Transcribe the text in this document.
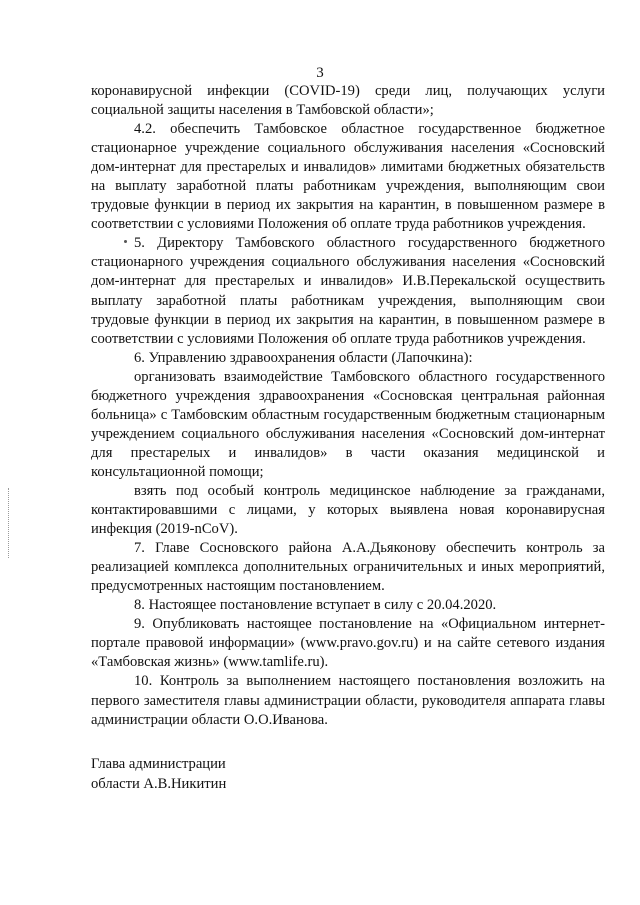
3

коронавирусной инфекции (COVID-19) среди лиц, получающих услуги социальной защиты населения в Тамбовской области»;

4.2. обеспечить Тамбовское областное государственное бюджетное стационарное учреждение социального обслуживания населения «Сосновский дом-интернат для престарелых и инвалидов» лимитами бюджетных обязательств на выплату заработной платы работникам учреждения, выполняющим свои трудовые функции в период их закрытия на карантин, в повышенном размере в соответствии с условиями Положения об оплате труда работников учреждения.

5. Директору Тамбовского областного государственного бюджетного стационарного учреждения социального обслуживания населения «Сосновский дом-интернат для престарелых и инвалидов» И.В.Перекальской осуществить выплату заработной платы работникам учреждения, выполняющим свои трудовые функции в период их закрытия на карантин, в повышенном размере в соответствии с условиями Положения об оплате труда работников учреждения.

6. Управлению здравоохранения области (Лапочкина):

организовать взаимодействие Тамбовского областного государственного бюджетного учреждения здравоохранения «Сосновская центральная районная больница» с Тамбовским областным государственным бюджетным стационарным учреждением социального обслуживания населения «Сосновский дом-интернат для престарелых и инвалидов» в части оказания медицинской и консультационной помощи;

взять под особый контроль медицинское наблюдение за гражданами, контактировавшими с лицами, у которых выявлена новая коронавирусная инфекция (2019-nCoV).

7. Главе Сосновского района А.А.Дьяконову обеспечить контроль за реализацией комплекса дополнительных ограничительных и иных мероприятий, предусмотренных настоящим постановлением.

8. Настоящее постановление вступает в силу с 20.04.2020.

9. Опубликовать настоящее постановление на «Официальном интернет-портале правовой информации» (www.pravo.gov.ru) и на сайте сетевого издания «Тамбовская жизнь» (www.tamlife.ru).

10. Контроль за выполнением настоящего постановления возложить на первого заместителя главы администрации области, руководителя аппарата главы администрации области О.О.Иванова.

Глава администрации
области А.В.Никитин
